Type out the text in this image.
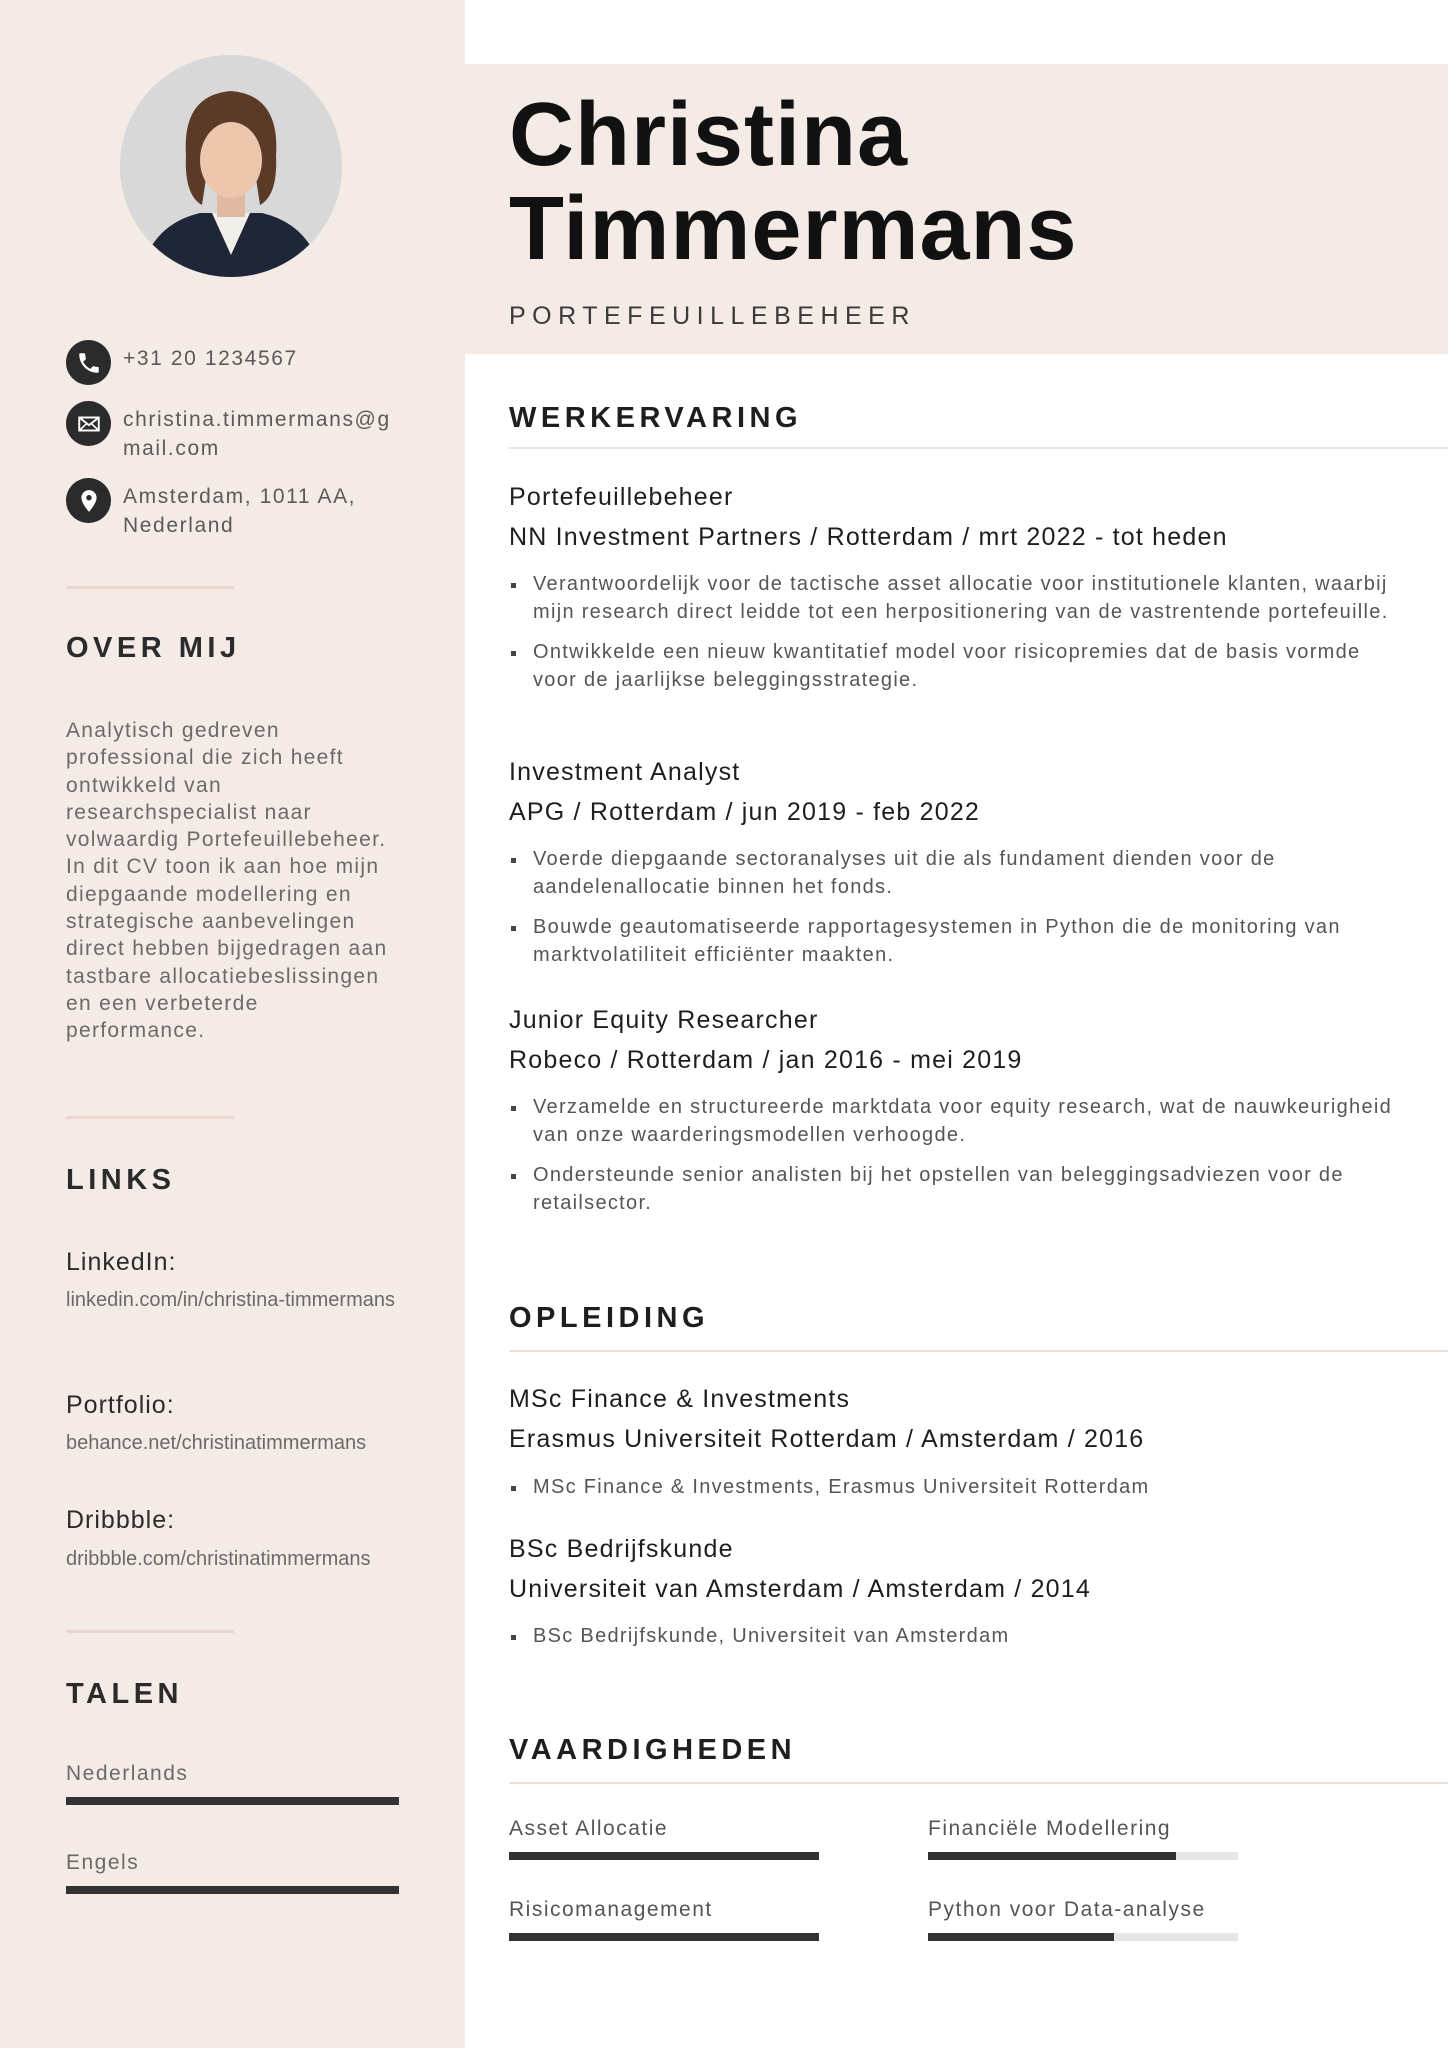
+31 20 1234567
christina.timmermans@gmail.com
Amsterdam, 1011 AA, Nederland
OVER MIJ
Analytisch gedreven professional die zich heeft ontwikkeld van researchspecialist naar volwaardig Portefeuillebeheer. In dit CV toon ik aan hoe mijn diepgaande modellering en strategische aanbevelingen direct hebben bijgedragen aan tastbare allocatiebeslissingen en een verbeterde performance.
LINKS
LinkedIn:
linkedin.com/in/christina-timmermans
Portfolio:
behance.net/christinatimmermans
Dribbble:
dribbble.com/christinatimmermans
TALEN
Nederlands
Engels
Christina
Timmermans
PORTEFEUILLEBEHEER
WERKERVARING
Portefeuillebeheer
NN Investment Partners / Rotterdam / mrt 2022 - tot heden
Verantwoordelijk voor de tactische asset allocatie voor institutionele klanten, waarbij mijn research direct leidde tot een herpositionering van de vastrentende portefeuille.
Ontwikkelde een nieuw kwantitatief model voor risicopremies dat de basis vormde voor de jaarlijkse beleggingsstrategie.
Investment Analyst
APG / Rotterdam / jun 2019 - feb 2022
Voerde diepgaande sectoranalyses uit die als fundament dienden voor de aandelenallocatie binnen het fonds.
Bouwde geautomatiseerde rapportagesystemen in Python die de monitoring van marktvolatiliteit efficiënter maakten.
Junior Equity Researcher
Robeco / Rotterdam / jan 2016 - mei 2019
Verzamelde en structureerde marktdata voor equity research, wat de nauwkeurigheid van onze waarderingsmodellen verhoogde.
Ondersteunde senior analisten bij het opstellen van beleggingsadviezen voor de retailsector.
OPLEIDING
MSc Finance & Investments
Erasmus Universiteit Rotterdam / Amsterdam / 2016
MSc Finance & Investments, Erasmus Universiteit Rotterdam
BSc Bedrijfskunde
Universiteit van Amsterdam / Amsterdam / 2014
BSc Bedrijfskunde, Universiteit van Amsterdam
VAARDIGHEDEN
Asset Allocatie	Financiële Modellering
Risicomanagement	Python voor Data-analyse
